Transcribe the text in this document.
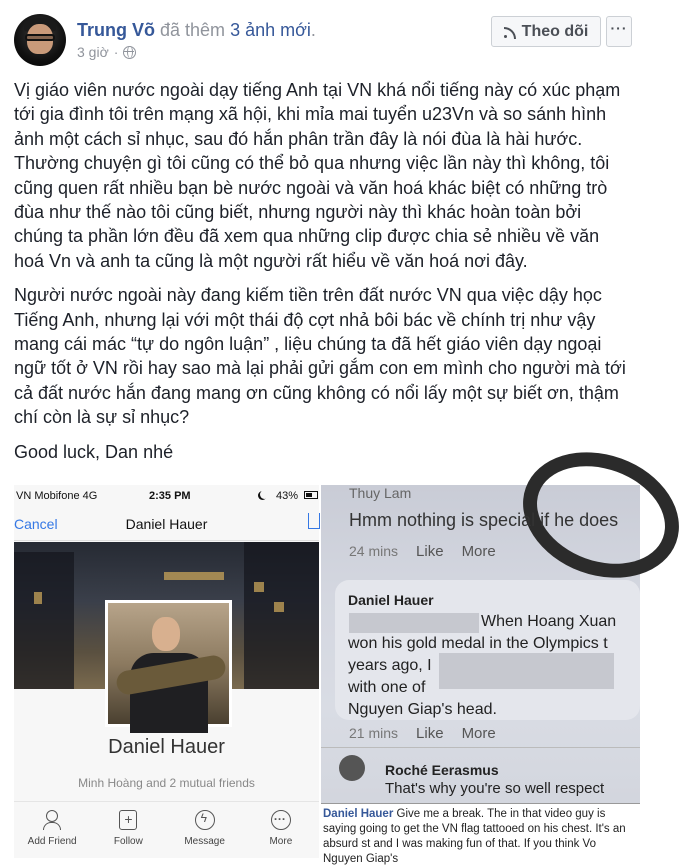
Trung Võ đã thêm 3 ảnh mới.
3 giờ ·
Theo dõi	···

Vị giáo viên nước ngoài dạy tiếng Anh tại VN khá nổi tiếng này có xúc phạm tới gia đình tôi trên mạng xã hội, khi mỉa mai tuyển u23Vn và so sánh hình ảnh một cách sỉ nhục, sau đó hắn phân trần đây là nói đùa là hài hước. Thường chuyện gì tôi cũng có thể bỏ qua nhưng việc lần này thì không, tôi cũng quen rất nhiều bạn bè nước ngoài và văn hoá khác biệt có những trò đùa như thế nào tôi cũng biết, nhưng người này thì khác hoàn toàn bởi chúng ta phần lớn đều đã xem qua những clip được chia sẻ nhiều về văn hoá Vn và anh ta cũng là một người rất hiểu về văn hoá nơi đây.

Người nước ngoài này đang kiếm tiền trên đất nước VN qua việc dậy học Tiếng Anh, nhưng lại với một thái độ cợt nhả bôi bác về chính trị như vậy mang cái mác “tự do ngôn luận” , liệu chúng ta đã hết giáo viên dạy ngoại ngữ tốt ở VN rồi hay sao mà lại phải gửi gắm con em mình cho người mà tới cả đất nước hắn đang mang ơn cũng không có nổi lấy một sự biết ơn, thậm chí còn là sự sỉ nhục?

Good luck, Dan nhé

VN Mobifone 4G	2:35 PM	43%
Cancel	Daniel Hauer
Daniel Hauer
Minh Hoàng and 2 mutual friends
Add Friend
+	Follow
ϟ	Message
···	More
Thuy Lam
Hmm nothing is special if he does
24 mins Like More
Daniel Hauer
When Hoang Xuan
won his gold medal in the Olympics t
years ago, I
with one of
Nguyen Giap's head.
21 mins Like More
Roché Eerasmus
That's why you're so well respect
Daniel Hauer Give me a break. The in that video guy is saying going to get the VN flag tattooed on his chest. It's an absurd st and I was making fun of that. If you think Vo Nguyen Giap's
